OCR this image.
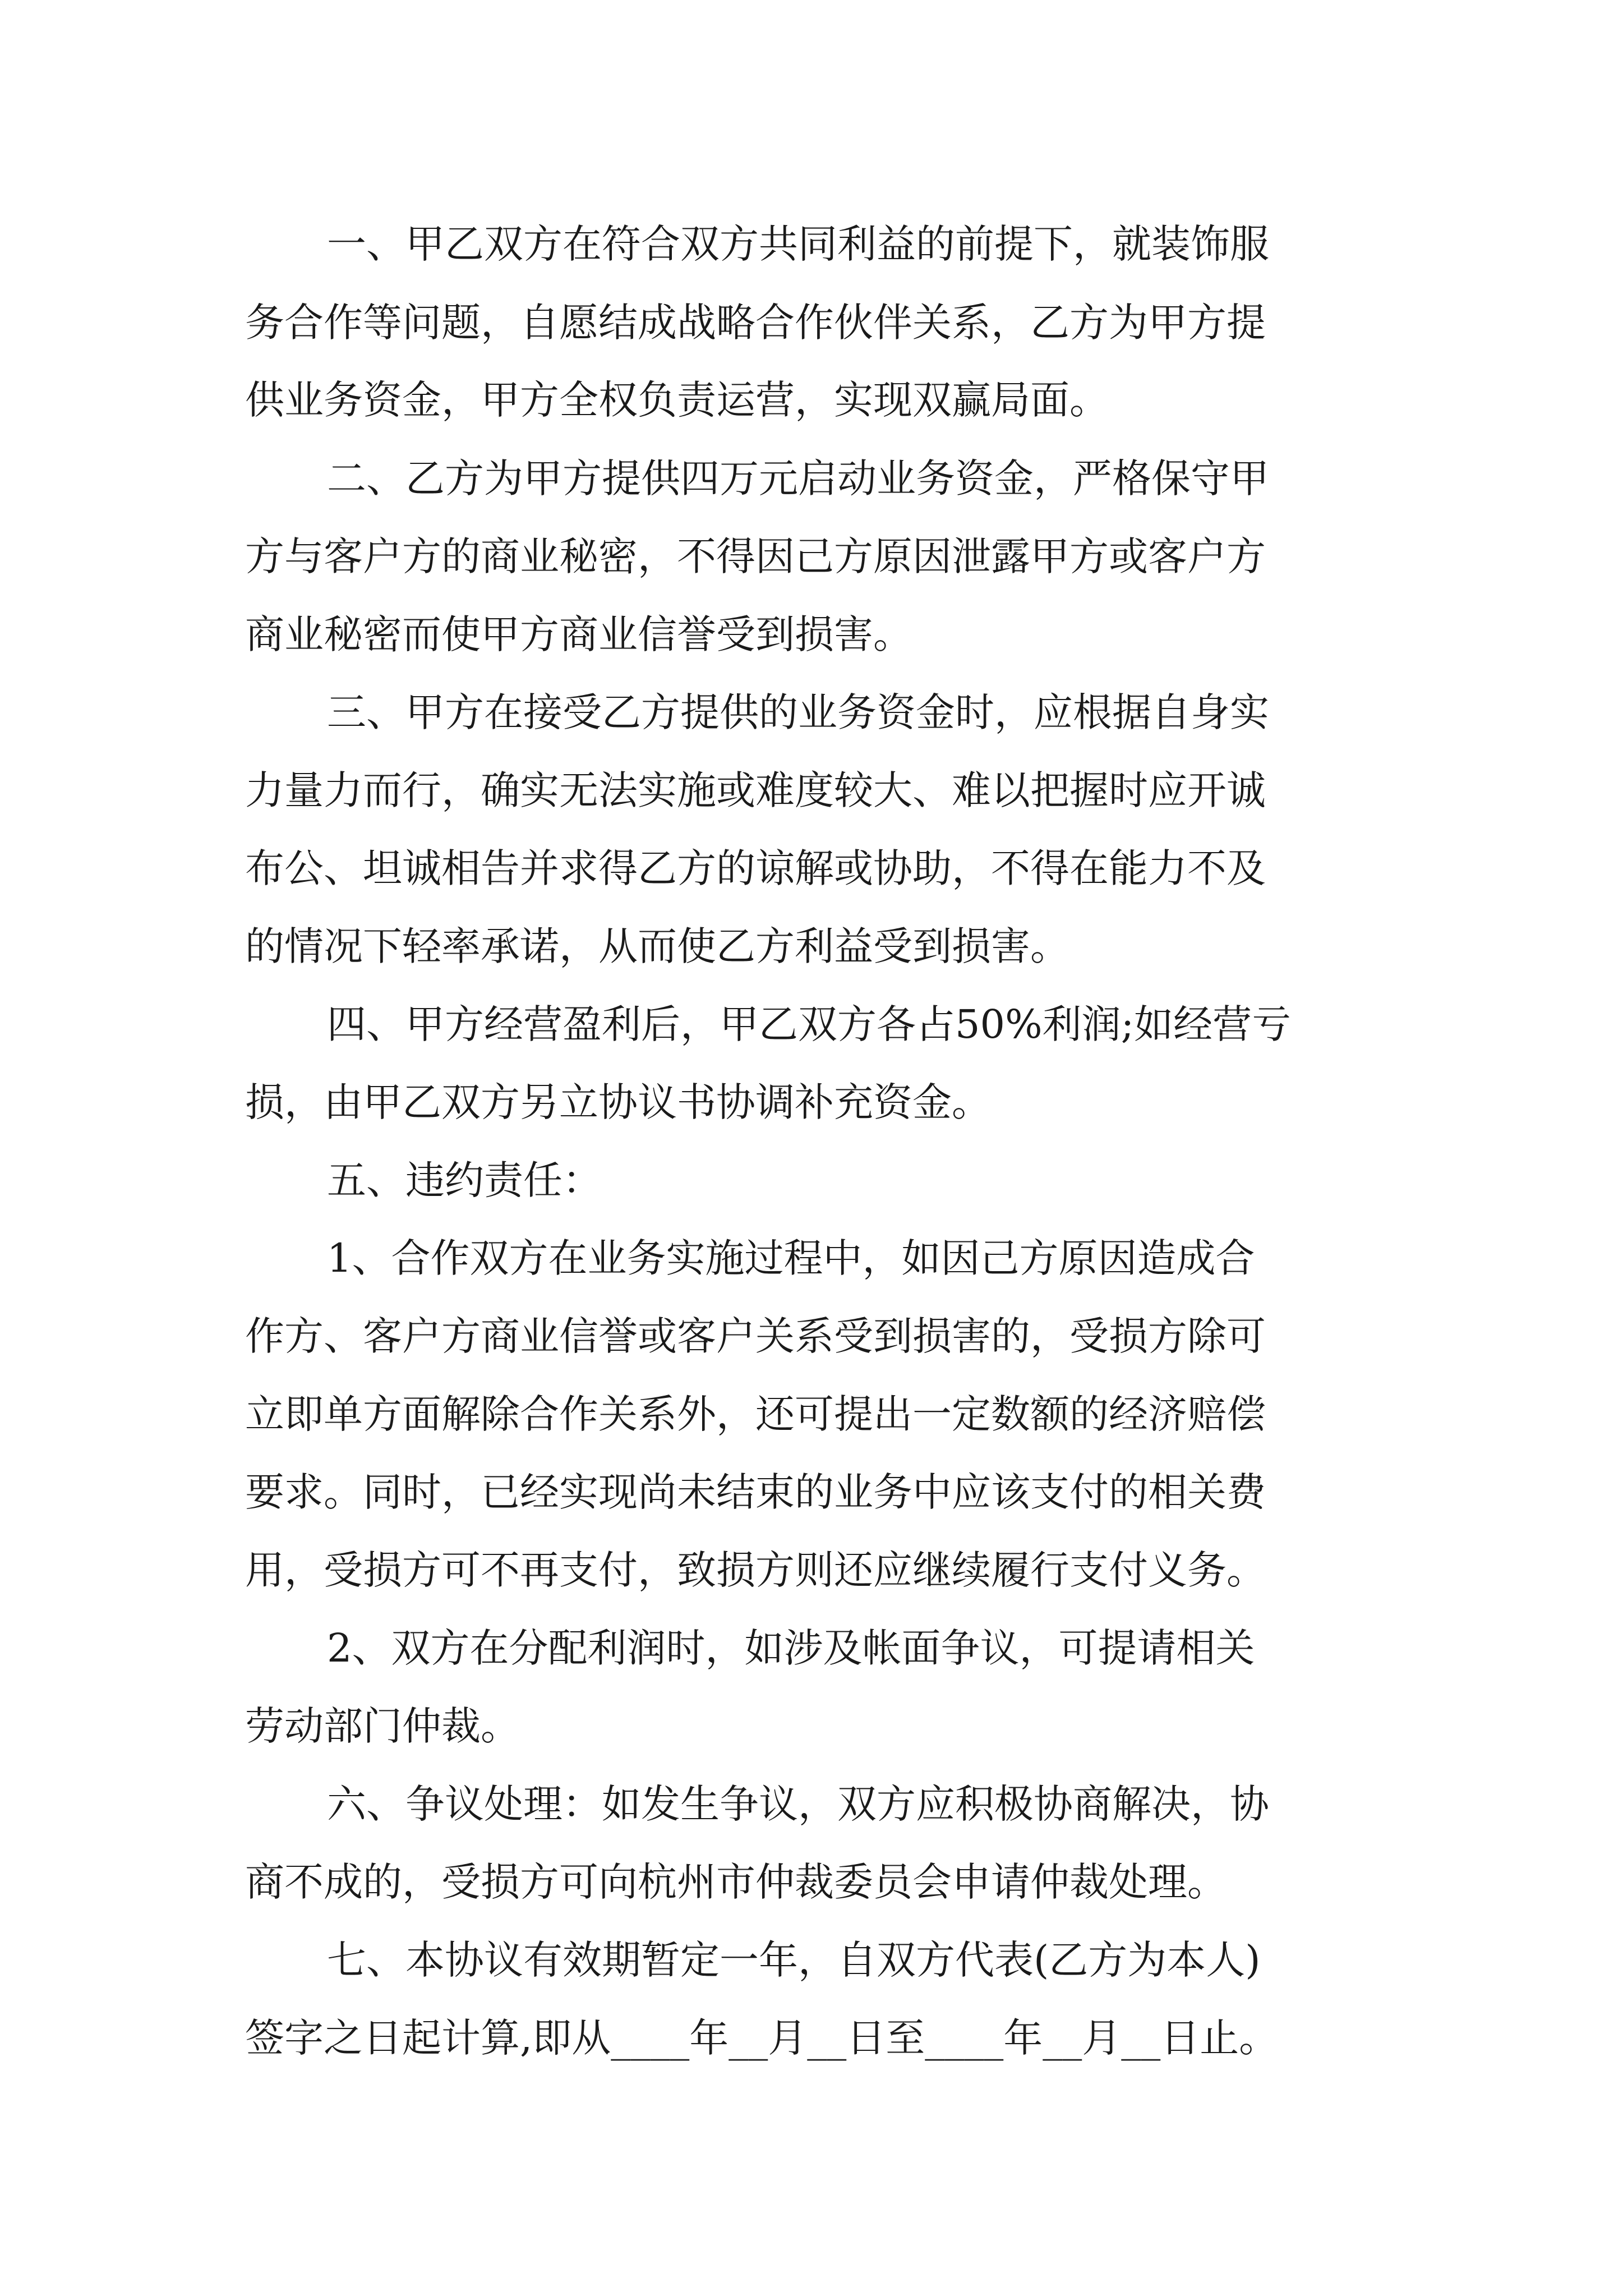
一、甲乙双方在符合双方共同利益的前提下，就装饰服
务合作等问题，自愿结成战略合作伙伴关系，乙方为甲方提
供业务资金，甲方全权负责运营，实现双赢局面。
二、乙方为甲方提供四万元启动业务资金，严格保守甲
方与客户方的商业秘密，不得因己方原因泄露甲方或客户方
商业秘密而使甲方商业信誉受到损害。
三、甲方在接受乙方提供的业务资金时，应根据自身实
力量力而行，确实无法实施或难度较大、难以把握时应开诚
布公、坦诚相告并求得乙方的谅解或协助，不得在能力不及
的情况下轻率承诺，从而使乙方利益受到损害。
四、甲方经营盈利后，甲乙双方各占50%利润;如经营亏
损，由甲乙双方另立协议书协调补充资金。
五、违约责任：
1、合作双方在业务实施过程中，如因己方原因造成合
作方、客户方商业信誉或客户关系受到损害的，受损方除可
立即单方面解除合作关系外，还可提出一定数额的经济赔偿
要求。同时，已经实现尚未结束的业务中应该支付的相关费
用，受损方可不再支付，致损方则还应继续履行支付义务。
2、双方在分配利润时，如涉及帐面争议，可提请相关
劳动部门仲裁。
六、争议处理：如发生争议，双方应积极协商解决，协
商不成的，受损方可向杭州市仲裁委员会申请仲裁处理。
七、本协议有效期暂定一年，自双方代表(乙方为本人)
签字之日起计算,即从____年__月__日至____年__月__日止。
